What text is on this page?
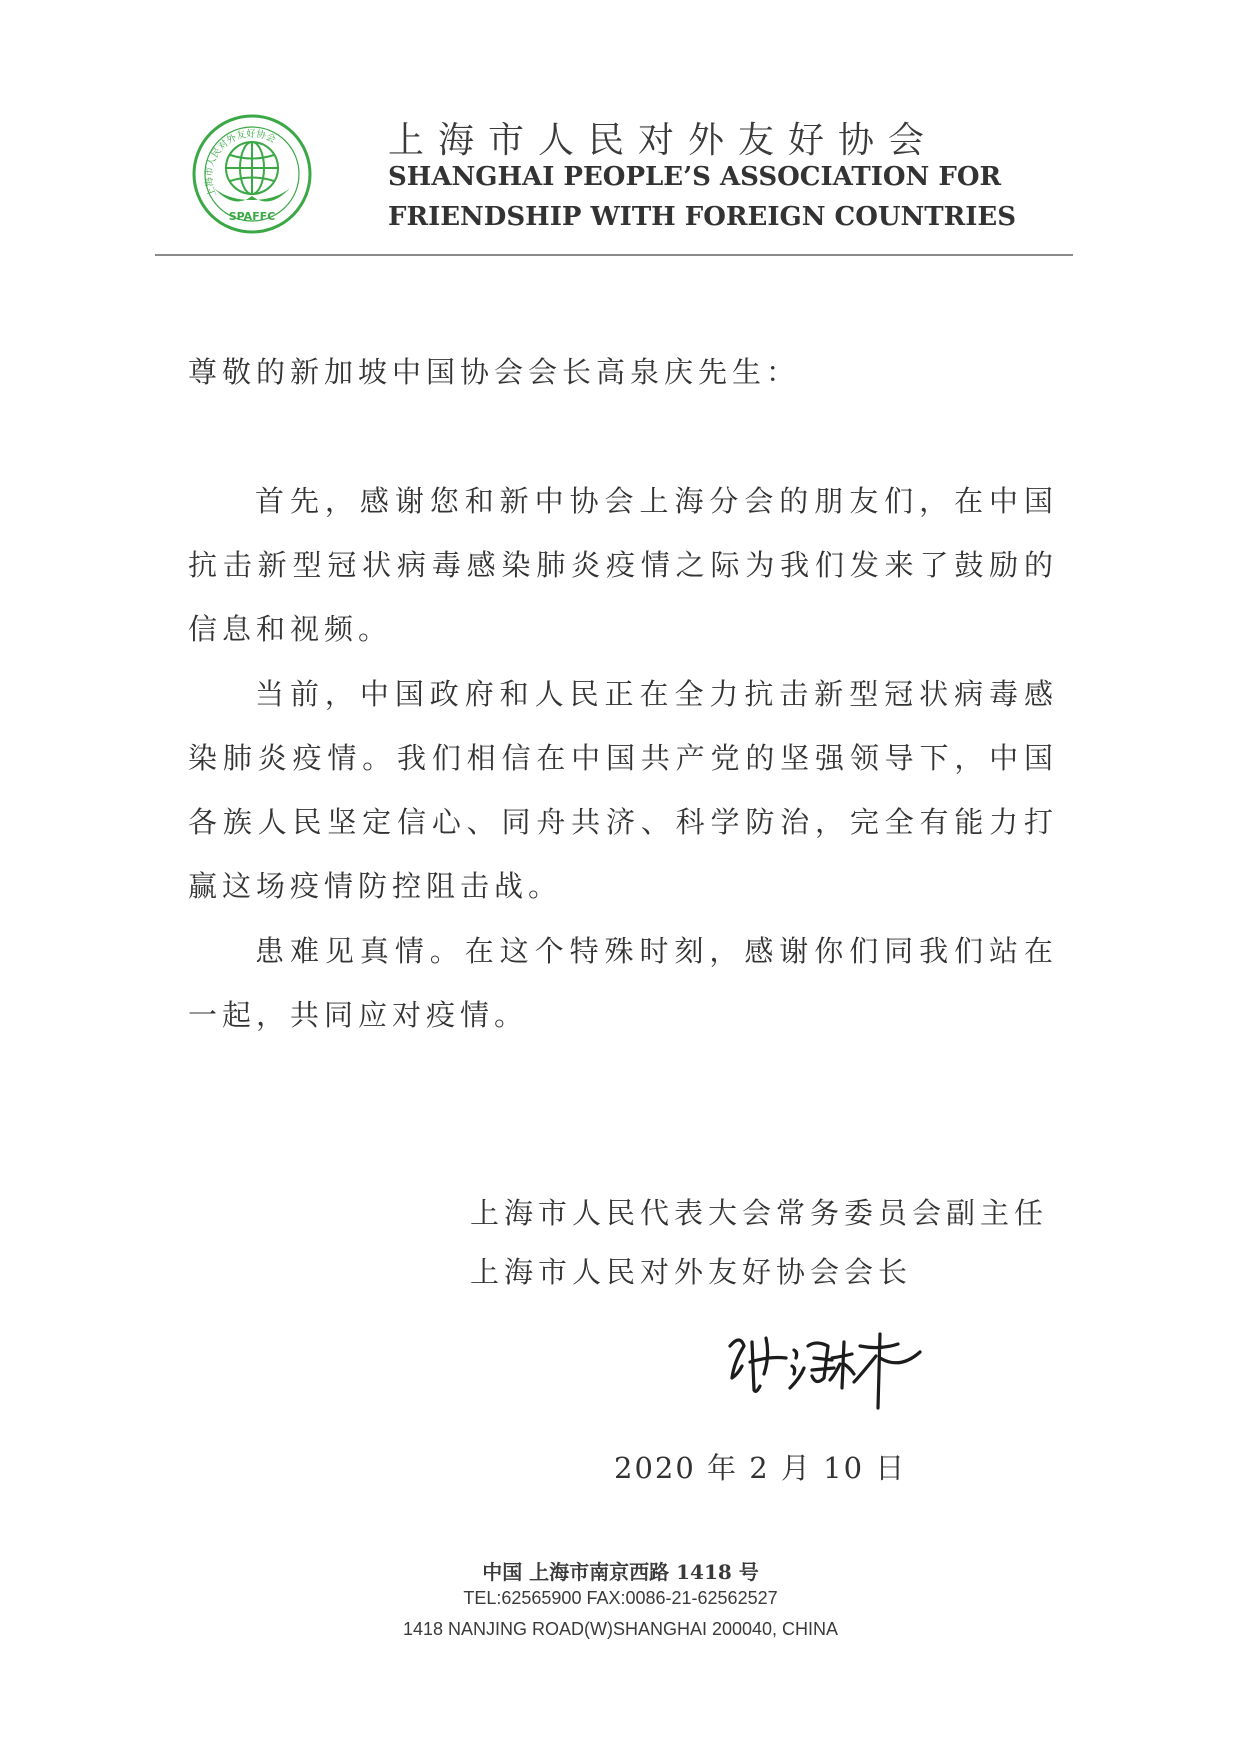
上海市人民对外友好协会
SPAFFC
上海市人民对外友好协会
SHANGHAI PEOPLE’S ASSOCIATION FOR
FRIENDSHIP WITH FOREIGN COUNTRIES
尊敬的新加坡中国协会会长高泉庆先生：

首先，感谢您和新中协会上海分会的朋友们，在中国抗击新型冠状病毒感染肺炎疫情之际为我们发来了鼓励的信息和视频。

当前，中国政府和人民正在全力抗击新型冠状病毒感染肺炎疫情。我们相信在中国共产党的坚强领导下，中国各族人民坚定信心、同舟共济、科学防治，完全有能力打赢这场疫情防控阻击战。

患难见真情。在这个特殊时刻，感谢你们同我们站在一起，共同应对疫情。

上海市人民代表大会常务委员会副主任
上海市人民对外友好协会会长
2020 年 2 月 10 日
中国 上海市南京西路 1418 号
TEL:62565900 FAX:0086-21-62562527
1418 NANJING ROAD(W)SHANGHAI 200040, CHINA
